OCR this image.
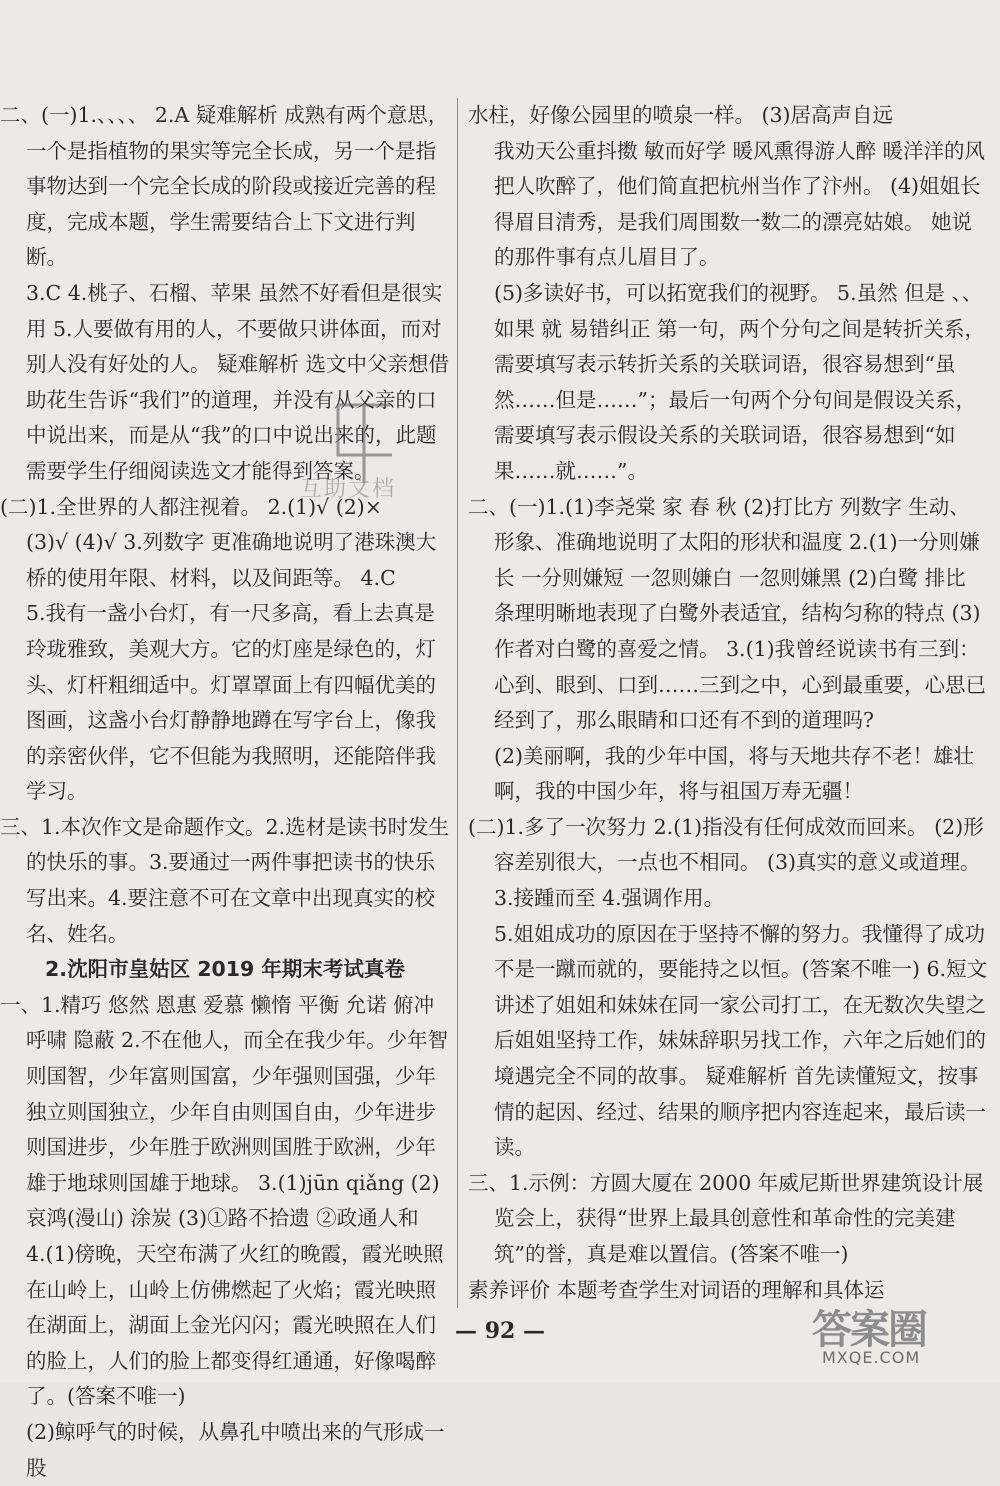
二、(一)1.、、、、 2.A 疑难解析 成熟有两个意思，一个是指植物的果实等完全长成，另一个是指事物达到一个完全长成的阶段或接近完善的程度，完成本题，学生需要结合上下文进行判断。

3.C 4.桃子、石榴、苹果 虽然不好看但是很实用 5.人要做有用的人，不要做只讲体面，而对别人没有好处的人。 疑难解析 选文中父亲想借助花生告诉“我们”的道理，并没有从父亲的口中说出来，而是从“我”的口中说出来的，此题需要学生仔细阅读选文才能得到答案。

(二)1.全世界的人都注视着。 2.(1)√ (2)×

(3)√ (4)√ 3.列数字 更准确地说明了港珠澳大桥的使用年限、材料，以及间距等。 4.C

5.我有一盏小台灯，有一尺多高，看上去真是玲珑雅致，美观大方。它的灯座是绿色的，灯头、灯杆粗细适中。灯罩罩面上有四幅优美的图画，这盏小台灯静静地蹲在写字台上，像我的亲密伙伴，它不但能为我照明，还能陪伴我学习。

三、1.本次作文是命题作文。2.选材是读书时发生的快乐的事。3.要通过一两件事把读书的快乐写出来。4.要注意不可在文章中出现真实的校名、姓名。

2.沈阳市皇姑区 2019 年期末考试真卷

一、1.精巧 悠然 恩惠 爱慕 懒惰 平衡 允诺 俯冲 呼啸 隐蔽 2.不在他人，而全在我少年。少年智则国智，少年富则国富，少年强则国强，少年独立则国独立，少年自由则国自由，少年进步则国进步，少年胜于欧洲则国胜于欧洲，少年雄于地球则国雄于地球。 3.(1)jūn qiǎng (2)哀鸿(漫山) 涂炭 (3)①路不拾遗 ②政通人和

4.(1)傍晚，天空布满了火红的晚霞，霞光映照在山岭上，山岭上仿佛燃起了火焰；霞光映照在湖面上，湖面上金光闪闪；霞光映照在人们的脸上，人们的脸上都变得红通通，好像喝醉了。(答案不唯一)

(2)鲸呼气的时候，从鼻孔中喷出来的气形成一股

水柱，好像公园里的喷泉一样。 (3)居高声自远

我劝天公重抖擞 敏而好学 暖风熏得游人醉 暖洋洋的风把人吹醉了，他们简直把杭州当作了汴州。 (4)姐姐长得眉目清秀，是我们周围数一数二的漂亮姑娘。 她说的那件事有点儿眉目了。

(5)多读好书，可以拓宽我们的视野。 5.虽然 但是 、、 如果 就 易错纠正 第一句，两个分句之间是转折关系，需要填写表示转折关系的关联词语，很容易想到“虽然……但是……”；最后一句两个分句间是假设关系，需要填写表示假设关系的关联词语，很容易想到“如果……就……”。

二、(一)1.(1)李尧棠 家 春 秋 (2)打比方 列数字 生动、形象、准确地说明了太阳的形状和温度 2.(1)一分则嫌长 一分则嫌短 一忽则嫌白 一忽则嫌黑 (2)白鹭 排比 条理明晰地表现了白鹭外表适宜，结构匀称的特点 (3)作者对白鹭的喜爱之情。 3.(1)我曾经说读书有三到：心到、眼到、口到……三到之中，心到最重要，心思已经到了，那么眼睛和口还有不到的道理吗?

(2)美丽啊，我的少年中国，将与天地共存不老！雄壮啊，我的中国少年，将与祖国万寿无疆！

(二)1.多了一次努力 2.(1)指没有任何成效而回来。 (2)形容差别很大，一点也不相同。 (3)真实的意义或道理。 3.接踵而至 4.强调作用。

5.姐姐成功的原因在于坚持不懈的努力。我懂得了成功不是一蹴而就的，要能持之以恒。(答案不唯一) 6.短文讲述了姐姐和妹妹在同一家公司打工，在无数次失望之后姐姐坚持工作，妹妹辞职另找工作，六年之后她们的境遇完全不同的故事。 疑难解析 首先读懂短文，按事情的起因、经过、结果的顺序把内容连起来，最后读一读。

三、1.示例：方圆大厦在 2000 年威尼斯世界建筑设计展览会上，获得“世界上最具创意性和革命性的完美建筑”的誉，真是难以置信。(答案不唯一)

素养评价 本题考查学生对词语的理解和具体运

互助文档
— 92 —	答案圈
MXQE.COM
